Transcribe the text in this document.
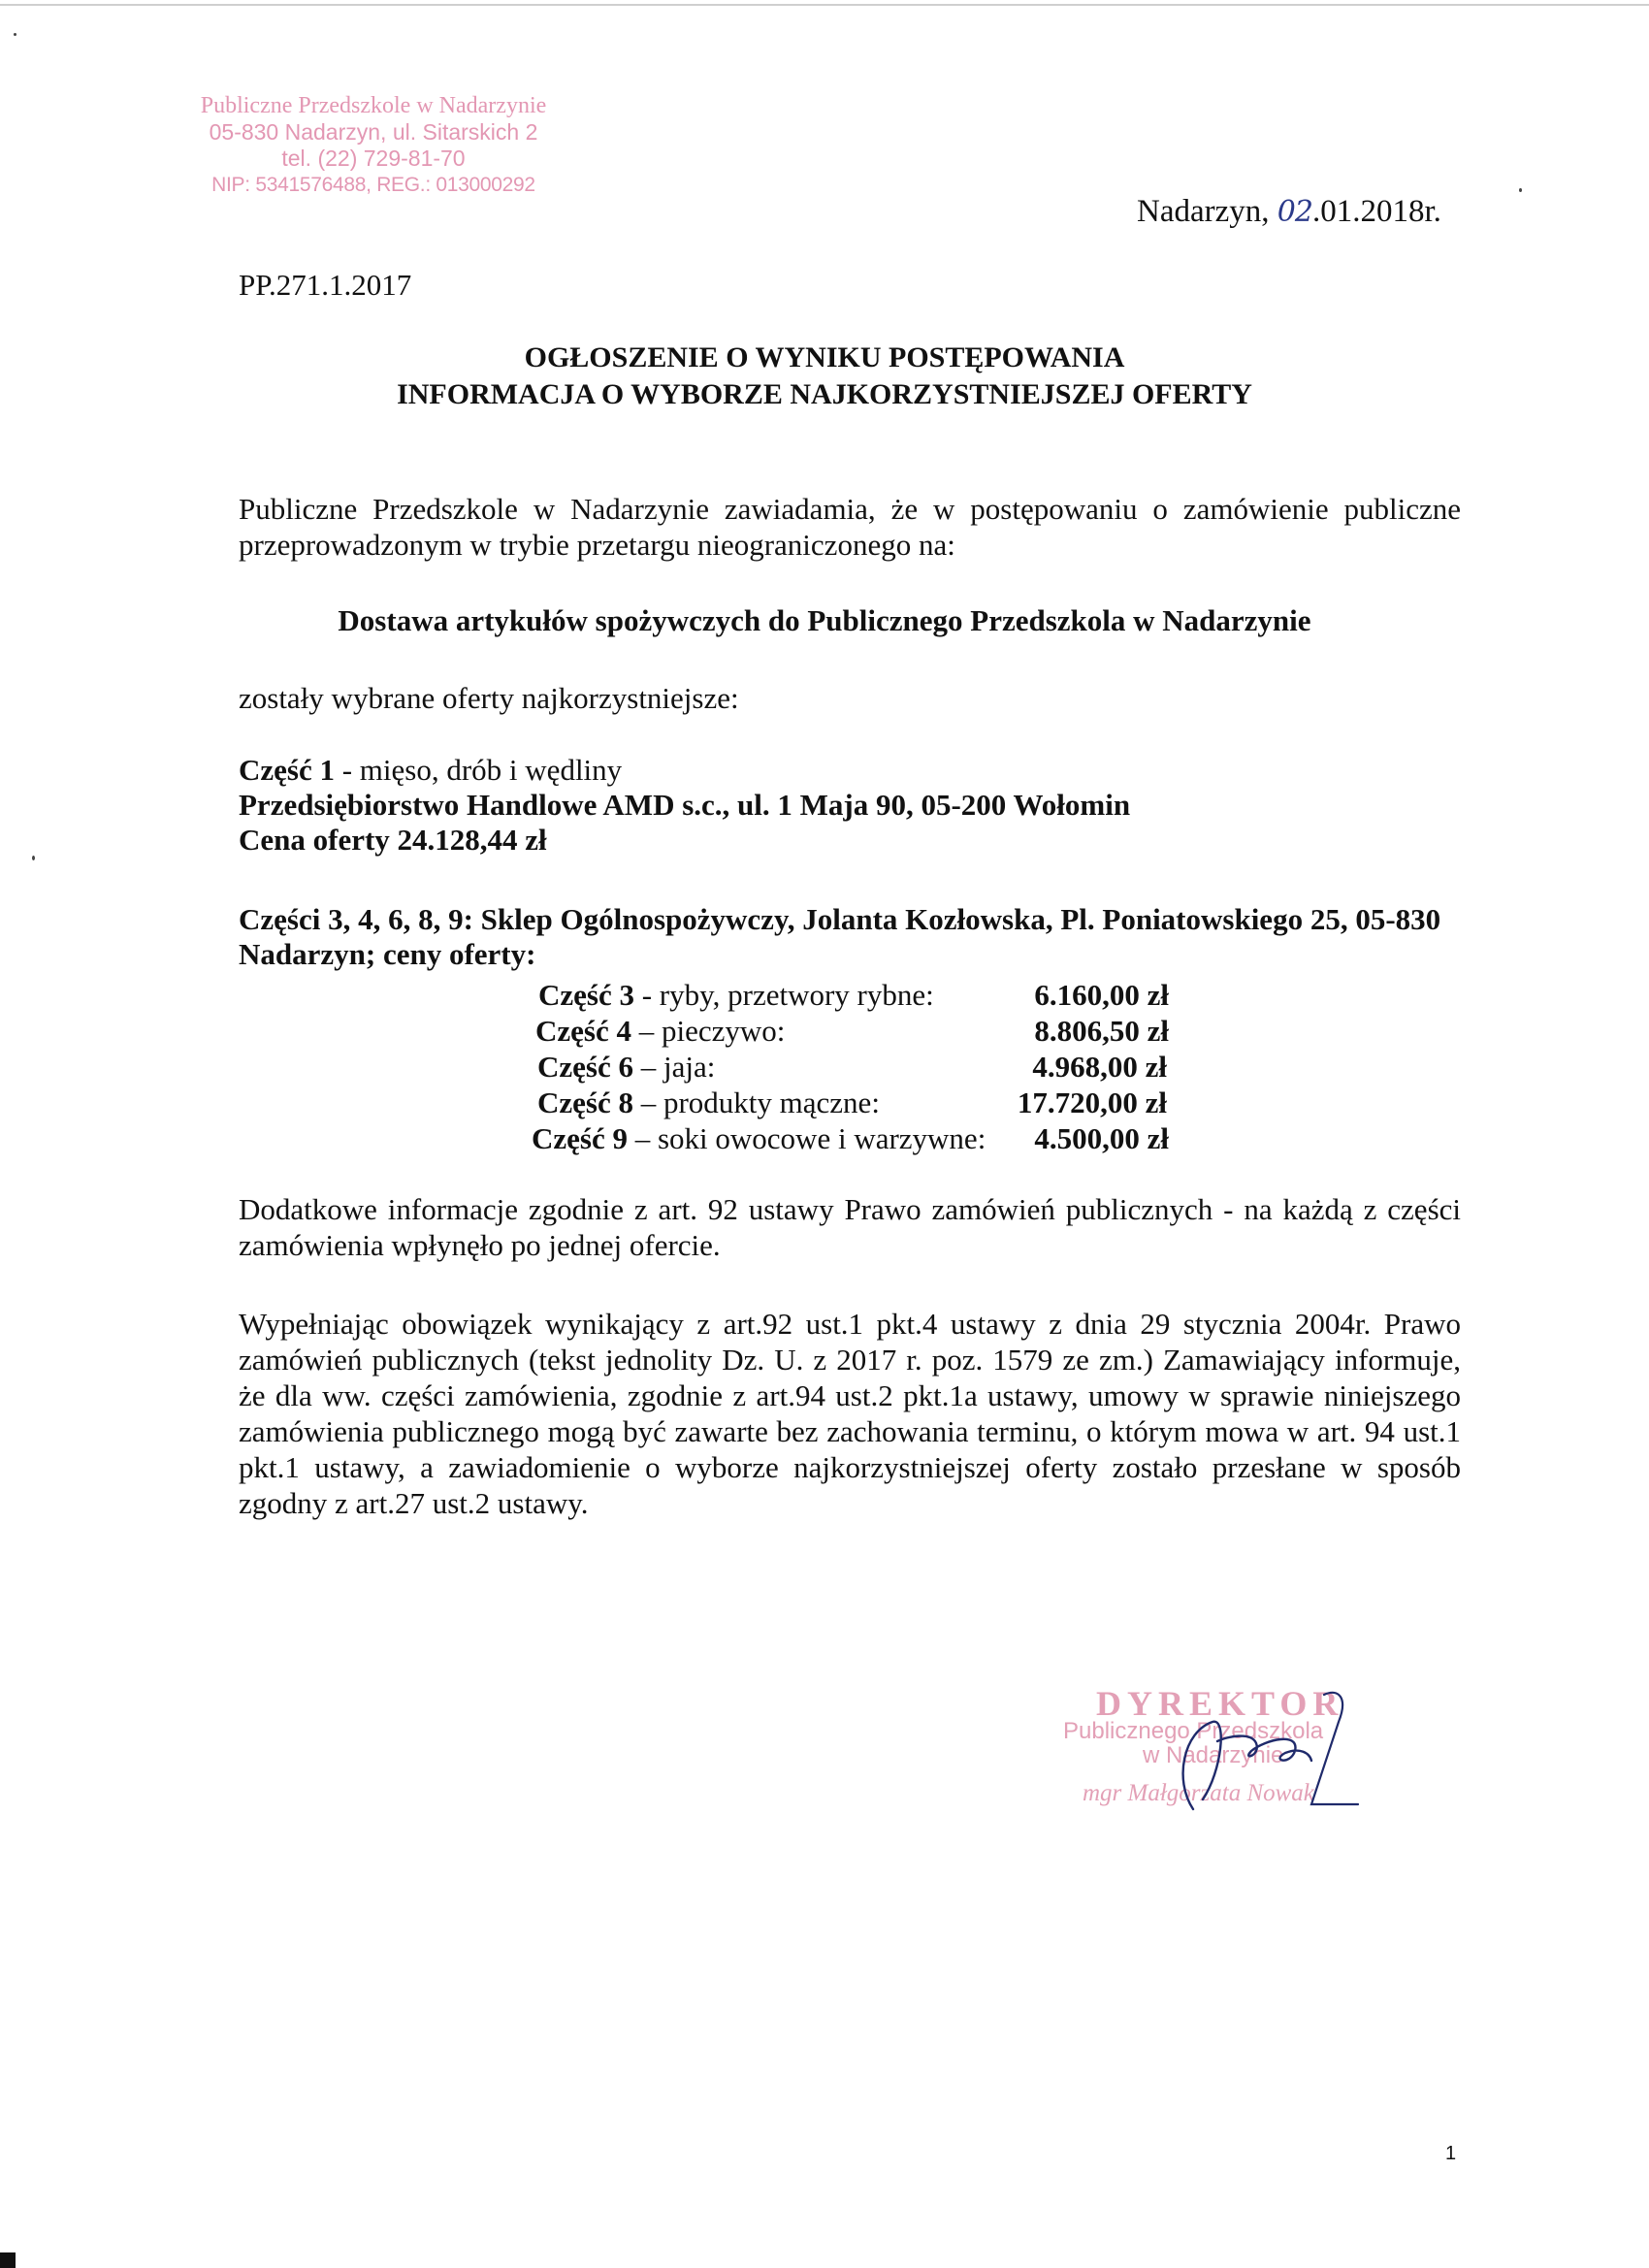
Publiczne Przedszkole w Nadarzynie
05-830 Nadarzyn, ul. Sitarskich 2
tel. (22) 729-81-70
NIP: 5341576488, REG.: 013000292
Nadarzyn, 02.01.2018r.
PP.271.1.2017
OGŁOSZENIE O WYNIKU POSTĘPOWANIA
INFORMACJA O WYBORZE NAJKORZYSTNIEJSZEJ OFERTY
Publiczne Przedszkole w Nadarzynie zawiadamia, że w postępowaniu o zamówienie publiczne przeprowadzonym w trybie przetargu nieograniczonego na:
Dostawa artykułów spożywczych do Publicznego Przedszkola w Nadarzynie
zostały wybrane oferty najkorzystniejsze:
Część 1 - mięso, drób i wędliny
Przedsiębiorstwo Handlowe AMD s.c., ul. 1 Maja 90, 05-200 Wołomin
Cena oferty 24.128,44 zł
Części 3, 4, 6, 8, 9: Sklep Ogólnospożywczy, Jolanta Kozłowska, Pl. Poniatowskiego 25, 05-830 Nadarzyn; ceny oferty:
Część 3 - ryby, przetwory rybne:	6.160,00 zł
Część 4 – pieczywo:	8.806,50 zł
Część 6 – jaja:	4.968,00 zł
Część 8 – produkty mączne:	17.720,00 zł
Część 9 – soki owocowe i warzywne: 4.500,00 zł
Dodatkowe informacje zgodnie z art. 92 ustawy Prawo zamówień publicznych - na każdą z części zamówienia wpłynęło po jednej ofercie.
Wypełniając obowiązek wynikający z art.92 ust.1 pkt.4 ustawy z dnia 29 stycznia 2004r. Prawo zamówień publicznych (tekst jednolity Dz. U. z 2017 r. poz. 1579 ze zm.) Zamawiający informuje, że dla ww. części zamówienia, zgodnie z art.94 ust.2 pkt.1a ustawy, umowy w sprawie niniejszego zamówienia publicznego mogą być zawarte bez zachowania terminu, o którym mowa w art. 94 ust.1 pkt.1 ustawy, a zawiadomienie o wyborze najkorzystniejszej oferty zostało przesłane w sposób zgodny z art.27 ust.2 ustawy.
DYREKTOR
Publicznego Przedszkola
w Nadarzynie
mgr Małgorzata Nowak
1
